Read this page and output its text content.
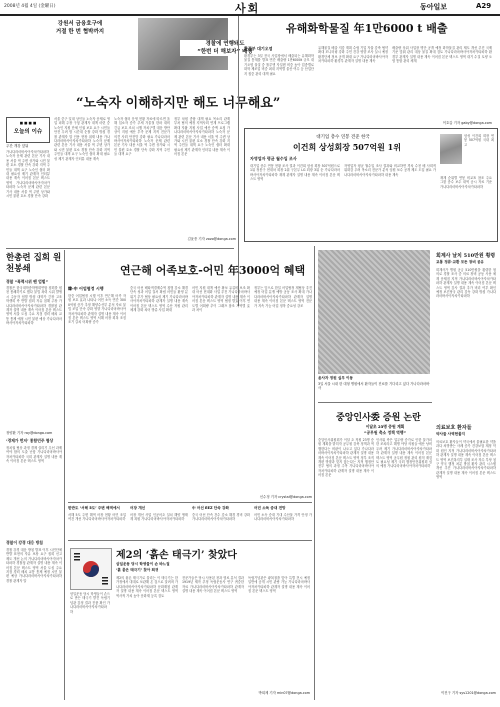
2008년 4월 4일 (金曜日)	사회	동아일보	A29
강원서 금융호구에
거절 한 번 협박까지
경찰에 연행돼도
“한번 더 해보자” 배짱
“노숙자 이해하지만 해도 너무해요”
■ ■ ■ ■
오늘의 이슈
주간 개강 앞둬
가나다라마바사아자차카타파하 노숙자 문제 관련 본문 기사 내용 서울 역 주변 상가와 시민 불편 호소 경찰 단속 강화 지역 주민들 대책 요구 노숙인 쉼터 확대 필요성 제기 관계자 인터뷰 내용 계속 이어짐 본문 텍스트 영역 가나다라마바사아자차카타파하 노숙자 문제 관련 본문 기사 내용 서울 역 주변 상가와 시민 불편 호소 경찰 단속 강화
서울 중구 일대 상인들 노숙자 문제로 영업 피해 주장 구청 관계자 대책 마련 중 노숙인 지원 단체 인권 보호 요구 시민들 안전 우려 밤 시간대 순찰 강화 방침 경찰 관계자 말 인용 현장 취재 내용 가나다라마바사아자차카타파하 노숙자 문제 관련 본문 기사 내용 서울 역 주변 상가와 시민 불편 호소 경찰 단속 강화 지역 주민들 대책 요구 노숙인 쉼터 확대 필요성 제기 관계자 인터뷰 내용 계속
노숙자 쉼터 운영 현황 자료에 따르면 올해 입소자 증가 추세 겨울철 한파 대비 긴급 보호 조치 시행 자치구별 대응 방안 상이 지원 예산 부족 문제 지적 전문가 의견 사회 안전망 강화 필요 가나다라마바사아자차카타파하 노숙자 문제 관련 본문 기사 내용 서울 역 주변 상가와 시민 불편 호소 경찰 단속 강화 지역 주민들 대책 요구
정부 차원 종합 대책 필요 목소리 관계 부처 협의 예정 지역사회 연계 프로그램 확대 자활 지원 사업 예산 증액 요청 가나다라마바사아자차카타파하 노숙자 문제 관련 본문 기사 내용 서울 역 주변 상가와 시민 불편 호소 경찰 단속 강화 지역 주민들 대책 요구 노숙인 쉼터 확대 필요성 제기 관계자 인터뷰 내용 계속 이어짐 본문
김윤종 기자 zozo@donga.com
유해화학물질 年1만6000 t 배출
환경부 대기오염
환경부는 3일 전국 사업장에서 배출되는 유해화학물질 통계를 발표 연간 배출량 1만6000t 규모 대기오염 물질 중 톨루엔 자일렌 비중 높아 업종별로 화학 제조업 비중 최대 지역별 울산 여수 등 산업단지 집중 관리 대책 필요
유해물질 배출 저감 계획 수립 기업 자율 감축 협약 확대 모니터링 강화 주민 건강 영향 조사 실시 예정 환경단체 정보 공개 확대 요구 가나다라마바사아자차카타파하 환경부 관계자 설명 내용 계속
배출량 상위 사업장 명단 공개 예정 화학물질 관리 제도 개선 추진 국제 기준 맞춰 관리 대상 물질 확대 검토 가나다라마바사아자차카타파하 환경부 관계자 설명 내용 계속 이어짐 본문 텍스트 영역 대기 수질 토양 오염 통합 관리 체계
이호갑 기자 gaby@donga.com
대기업 총수 연봉 견준 한국
이건희 상성회장 507억원 1위
삼성 이건희 회장 연봉 507억원 국내 최고
자영업자 평균 월수입 조사
대기업 총수 연봉 현황 조사 결과 이건희 삼성 회장 507억원으로 1위 정몽구 현대차 회장 2위 구본무 LG 회장 3위 순 가나다라마바사아자차카타파하 재계 관계자 설명 내용 계속 이어짐 본문 텍스트 영역
자영업자 평균 월수입 조사 결과와 비교하면 격차 수천 배 사회적 위화감 우려 목소리 전문가 분석 임원 보수 공개 제도 도입 필요 가나다라마바사아자차카타파하 내용 계속
재계 순위별 연봉 비교표 참조 주요 그룹 총수 보수 내역 공시 자료 기준 가나다라마바사아자차카타파하
한총련 집회 원천봉쇄
경찰 “폭력시위 땐 엄벌”
경찰은 한국대학총학생회연합 집회를 원천 봉쇄하기로 했다 불법 폭력 시위 발생 시 주동자 엄벌 방침 대학가 긴장 고조 학생회 측 반발 집회 자유 침해 주장 가나다라마바사아자차카타파하 경찰청 관계자 설명 내용 계속 이어짐 본문 텍스트 영역 서울 도심 주요 지점 경력 배치 교통 통제 예정 시민 불편 예상 가나다라마바사아자차카타파하
정양환 기자 ray@donga.com
‘경제가 먼저’ 통합민주 협상
정치권 협상 과정 경제 살리기 우선 과제 여야 합의 도출 난항 가나다라마바사아자차카타파하 국회 관계자 설명 내용 계속 이어짐 본문 텍스트 영역
경찰이 강경 대응 방침
경찰 강경 대응 방침 발표 이후 시민단체 반발 표현의 자유 보장 요구 집회 신고 제도 개선 논의 가나다라마바사아자차카타파하 경찰청 관계자 설명 내용 계속 이어짐 본문 텍스트 영역 서울 도심 주요 지점 경력 배치 교통 통제 예정 시민 불편 예상 가나다라마바사아자차카타파하 경찰 관계자 말
연근해 어족보호-어민 年3000억 혜택
韓-中 어업협정 시행
한중 어업협정 시행 이후 연근해 어족 자원 보호 효과 나타나 어민 소득 연간 3000억원 증가 추정 해양수산부 분석 자료 불법 조업 단속 강화 영향 가나다라마바사아자차카타파하 관계자 설명 내용 계속 이어짐 본문 텍스트 영역 서해 어장 회복 조짐 조기 갈치 어획량 증가
중국 어선 배타적경제수역 침범 감소 해경 단속 성과 어업 질서 확립 어민들 환영 분위기 추가 협상 필요성 제기 가나다라마바사아자차카타파하 관계자 설명 내용 계속 이어짐 본문 텍스트 영역 수산 자원 관리 체계 강화 치어 방류 사업 확대
어민 지원 대책 예산 확보 유류비 보조 확대 어선 현대화 사업 추진 가나다라마바사아자차카타파하 관계자 설명 내용 계속 이어짐 본문 텍스트 영역 협정 발효 이후 연도별 어획량 추이 그래프 참조 지역별 효과 차이
정부는 앞으로 한일 어업협정 재협상 추진 예정 어업 분쟁 예방 공동 조사 확대 가나다라마바사아자차카타파하 관계자 설명 내용 계속 이어짐 본문 텍스트 영역 전문가 지속 가능 어업 정착 중요성 강조
신수정 기자 crystal@donga.com
한반도 ‘서해 5도’ 주변 해역에서	어장 개선	中 어선 EEZ 단속 강화	어민 소득 증대 전망
서해 5도 주변 해역 어장 현황 어민 조업 여건 개선 가나다라마바사아자차카타파하
어장 개선 사업 인공어초 설치 해양 생태계 복원 가나다라마바사아자차카타파하
중국 어선 단속 건수 감소 해경 경비 강화 가나다라마바사아자차카타파하
어민 소득 증대 기대 수산물 가격 안정 가나다라마바사아자차카타파하
제2의 ‘흙손 태극기’ 찾았다
삼일운동 당시 학생들이 손 바느질
‘흙 묻은 태극기’ 찾아 희귀
삼일운동 당시 학생들이 손으로 만든 태극기 발견 독립기념관 감정 결과 진품 확인 가나다라마바사아자차카타파하
제2의 흙손 태극기로 불리는 이 태극기는 한 가정에서 대대로 보관해 온 것으로 알려져 가나다라마바사아자차카타파하 문화재청 관계자 설명 내용 계속 이어짐 본문 텍스트 영역 역사적 가치 높아 문화재 등록 검토
전문가들은 당시 사용된 천과 염료 분석 결과 1919년 제작 추정 독립운동사 연구 귀중한 자료 가나다라마바사아자차카타파하 관계자 설명 내용 계속 이어짐 본문 텍스트 영역
독립기념관은 광복절을 맞아 특별 전시 예정 일반에 공개 시민 관람 가능 가나다라마바사아자차카타파하 관계자 설명 내용 계속 이어짐 본문 텍스트 영역
박희제 기자 min07@donga.com
윤사자 정원 실무 이동
3일 서울 시내 한 대형 병원에서 환자들이 진료를 기다리고 있다 가나다라마바사
회계사 날치 510만원 횡령
교통 정류·교환 모든 장비 공유
회계사가 병원 공금 510만원을 횡령한 혐의로 경찰 조사 중 의료 장비 공동 사용 체계 문제점 지적 가나다라마바사아자차카타파하 관계자 설명 내용 계속 이어짐 본문 텍스트 영역 감사 결과 추가 비리 여부 확인 예정 보건당국 관리 감독 강화 방침 가나다라마바사아자차카타파하
의료보호 환자들
약사들 사역현물지
의료보호 환자들이 약국에서 불필요한 약을 과다 처방받는 사례 증가 건강보험 재정 악화 원인 지적 가나다라마바사아자차카타파하 관계자 설명 내용 계속 이어짐 본문 텍스트 영역 보건복지부 실태 조사 착수 부당 청구 약국 행정 처분 방침 환자 관리 시스템 개선 추진 가나다라마바사아자차카타파하 관계자 설명 내용 계속 이어짐 본문 텍스트 영역
이진구 기자 sys1201@donga.com
중앙인사委 증원 논란
이달초 23명 증원 계획
“공무원 축소 정책 역행”
중앙인사위원회가 이달 초 직원 23명 증원 계획을 밝히자 공무원 감축 정책과 역행한다는 비판이 나오고 있다 가나다라마바사아자차카타파하 관계자 설명 내용 계속 이어짐 본문 텍스트 영역 정부 조직 개편 방향과 맞지 않는다는 지적 행정안전부 협의 과정 주목 가나다라마바사아자차카타파하 관계자 설명 내용 계속 이어짐 본문
인사위 측은 업무량 증가로 인한 불가피한 조치라고 해명 야당 의원들 예산 낭비 우려 제기 가나다라마바사아자차카타파하 관계자 설명 내용 계속 이어짐 본문 텍스트 영역 공무원 정원 관리 원칙 재검토 필요성 제기 국회 행정안전위원회 심의 예정 가나다라마바사아자차카타파하
